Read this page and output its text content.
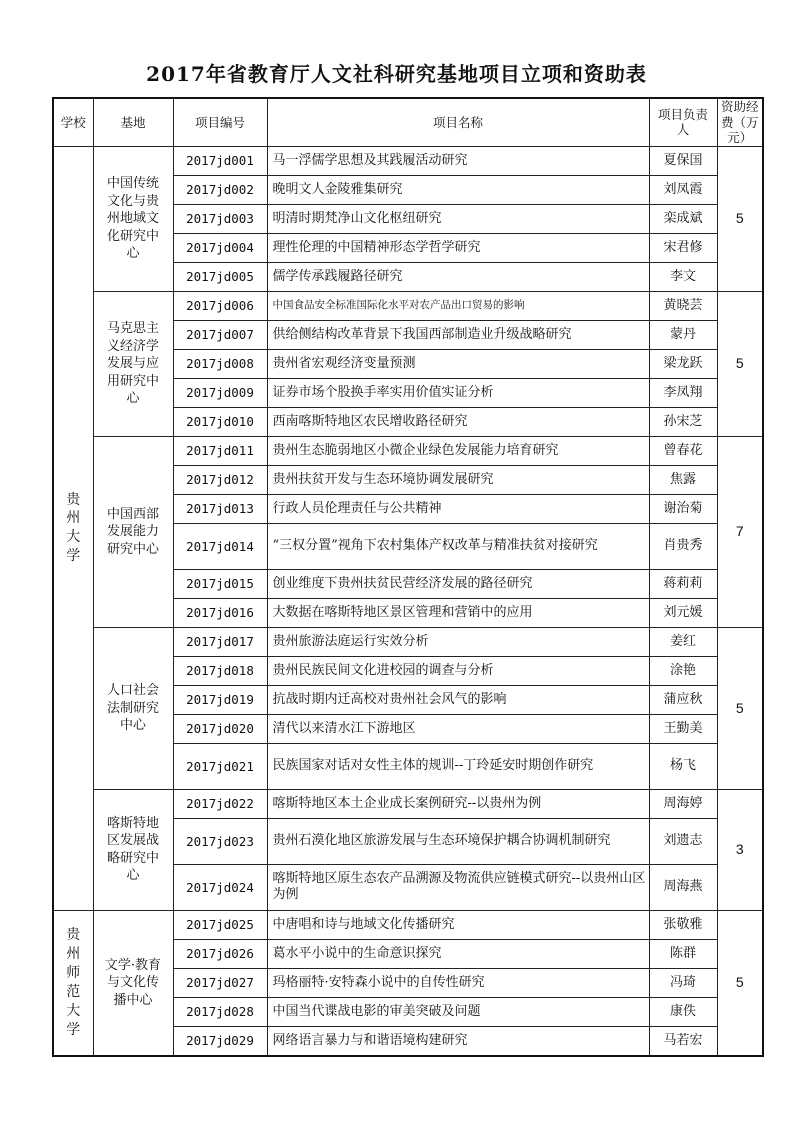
2017年省教育厅人文社科研究基地项目立项和资助表
学校	基地	项目编号	项目名称	项目负责人	资助经费（万元）
贵州大学	中国传统文化与贵州地域文化研究中心	2017jd001	马一浮儒学思想及其践履活动研究	夏保国	5
		2017jd002	晚明文人金陵雅集研究	刘凤霞	
		2017jd003	明清时期梵净山文化枢纽研究	栾成斌	
		2017jd004	理性伦理的中国精神形态学哲学研究	宋君修	
		2017jd005	儒学传承践履路径研究	李文	
	马克思主义经济学发展与应用研究中心	2017jd006	中国食品安全标准国际化水平对农产品出口贸易的影响	黄晓芸	5
		2017jd007	供给侧结构改革背景下我国西部制造业升级战略研究	蒙丹	
		2017jd008	贵州省宏观经济变量预测	梁龙跃	
		2017jd009	证券市场个股换手率实用价值实证分析	李凤翔	
		2017jd010	西南喀斯特地区农民增收路径研究	孙宋芝	
	中国西部发展能力研究中心	2017jd011	贵州生态脆弱地区小微企业绿色发展能力培育研究	曾春花	7
		2017jd012	贵州扶贫开发与生态环境协调发展研究	焦露	
		2017jd013	行政人员伦理责任与公共精神	谢治菊	
		2017jd014	“三权分置”视角下农村集体产权改革与精准扶贫对接研究	肖贵秀	
		2017jd015	创业维度下贵州扶贫民营经济发展的路径研究	蒋莉莉	
		2017jd016	大数据在喀斯特地区景区管理和营销中的应用	刘元媛	
	人口社会法制研究中心	2017jd017	贵州旅游法庭运行实效分析	姜红	5
		2017jd018	贵州民族民间文化进校园的调查与分析	涂艳	
		2017jd019	抗战时期内迁高校对贵州社会风气的影响	蒲应秋	
		2017jd020	清代以来清水江下游地区	王勤美	
		2017jd021	民族国家对话对女性主体的规训--丁玲延安时期创作研究	杨飞	
	喀斯特地区发展战略研究中心	2017jd022	喀斯特地区本土企业成长案例研究--以贵州为例	周海婷	3
		2017jd023	贵州石漠化地区旅游发展与生态环境保护耦合协调机制研究	刘遗志	
		2017jd024	喀斯特地区原生态农产品溯源及物流供应链模式研究--以贵州山区为例	周海燕	
贵州师范大学	文学·教育与文化传播中心	2017jd025	中唐唱和诗与地域文化传播研究	张敬雅	5
		2017jd026	葛水平小说中的生命意识探究	陈群	
		2017jd027	玛格丽特·安特森小说中的自传性研究	冯琦	
		2017jd028	中国当代谍战电影的审美突破及问题	康佚	
		2017jd029	网络语言暴力与和谐语境构建研究	马若宏	
